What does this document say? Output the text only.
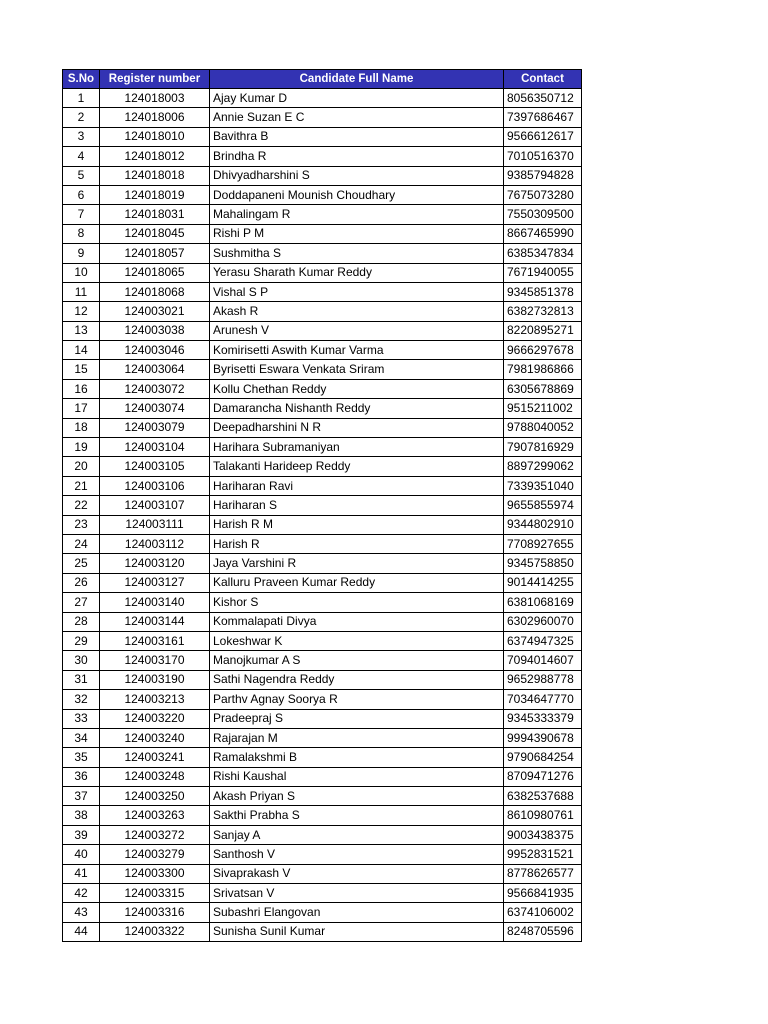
S.No	Register number	Candidate Full Name	Contact
1	124018003	Ajay Kumar D	8056350712
2	124018006	Annie Suzan E C	7397686467
3	124018010	Bavithra B	9566612617
4	124018012	Brindha R	7010516370
5	124018018	Dhivyadharshini S	9385794828
6	124018019	Doddapaneni Mounish Choudhary	7675073280
7	124018031	Mahalingam R	7550309500
8	124018045	Rishi P M	8667465990
9	124018057	Sushmitha S	6385347834
10	124018065	Yerasu Sharath Kumar Reddy	7671940055
11	124018068	Vishal S P	9345851378
12	124003021	Akash R	6382732813
13	124003038	Arunesh V	8220895271
14	124003046	Komirisetti Aswith Kumar Varma	9666297678
15	124003064	Byrisetti Eswara Venkata Sriram	7981986866
16	124003072	Kollu Chethan Reddy	6305678869
17	124003074	Damarancha Nishanth Reddy	9515211002
18	124003079	Deepadharshini N R	9788040052
19	124003104	Harihara Subramaniyan	7907816929
20	124003105	Talakanti Harideep Reddy	8897299062
21	124003106	Hariharan Ravi	7339351040
22	124003107	Hariharan S	9655855974
23	124003111	Harish R M	9344802910
24	124003112	Harish R	7708927655
25	124003120	Jaya Varshini R	9345758850
26	124003127	Kalluru Praveen Kumar Reddy	9014414255
27	124003140	Kishor S	6381068169
28	124003144	Kommalapati Divya	6302960070
29	124003161	Lokeshwar K	6374947325
30	124003170	Manojkumar A S	7094014607
31	124003190	Sathi Nagendra Reddy	9652988778
32	124003213	Parthv Agnay Soorya R	7034647770
33	124003220	Pradeepraj S	9345333379
34	124003240	Rajarajan M	9994390678
35	124003241	Ramalakshmi B	9790684254
36	124003248	Rishi Kaushal	8709471276
37	124003250	Akash Priyan S	6382537688
38	124003263	Sakthi Prabha S	8610980761
39	124003272	Sanjay A	9003438375
40	124003279	Santhosh V	9952831521
41	124003300	Sivaprakash V	8778626577
42	124003315	Srivatsan V	9566841935
43	124003316	Subashri Elangovan	6374106002
44	124003322	Sunisha Sunil Kumar	8248705596
